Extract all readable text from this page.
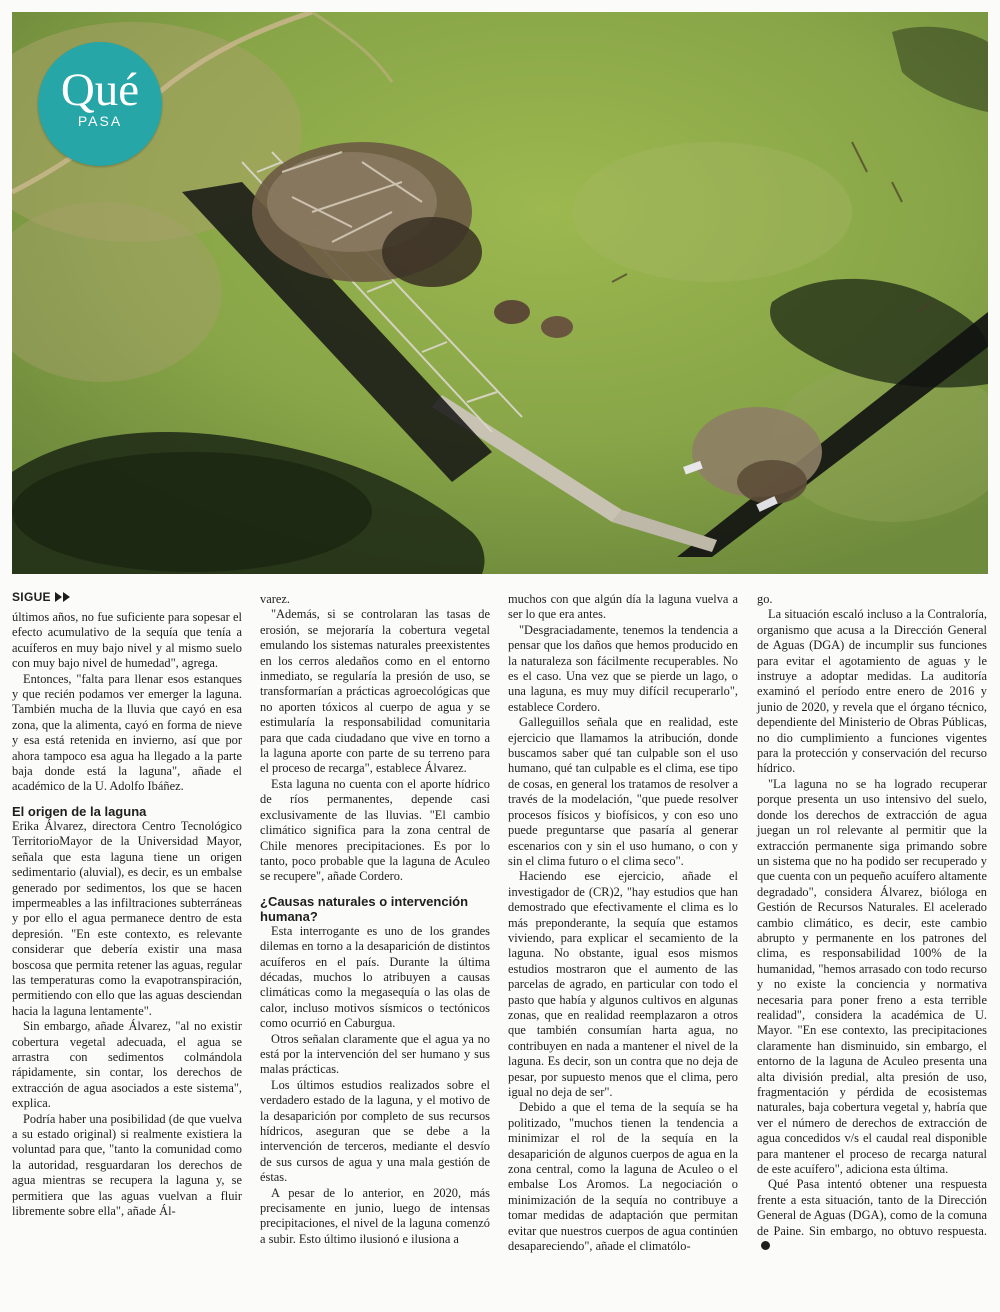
Qué
PASA
SIGUE

últimos años, no fue suficiente para sopesar el efecto acumulativo de la sequía que tenía a acuíferos en muy bajo nivel y al mismo suelo con muy bajo nivel de humedad", agrega.

Entonces, "falta para llenar esos estanques y que recién podamos ver emerger la laguna. También mucha de la lluvia que cayó en esa zona, que la alimenta, cayó en forma de nieve y esa está retenida en invierno, así que por ahora tampoco esa agua ha llegado a la parte baja donde está la laguna", añade el académico de la U. Adolfo Ibáñez.

El origen de la laguna

Erika Álvarez, directora Centro Tecnológico TerritorioMayor de la Universidad Mayor, señala que esta laguna tiene un origen sedimentario (aluvial), es decir, es un embalse generado por sedimentos, los que se hacen impermeables a las infiltraciones subterráneas y por ello el agua permanece dentro de esta depresión. "En este contexto, es relevante considerar que debería existir una masa boscosa que permita retener las aguas, regular las temperaturas como la evapotranspiración, permitiendo con ello que las aguas desciendan hacia la laguna lentamente".

Sin embargo, añade Álvarez, "al no existir cobertura vegetal adecuada, el agua se arrastra con sedimentos colmándola rápidamente, sin contar, los derechos de extracción de agua asociados a este sistema", explica.

Podría haber una posibilidad (de que vuelva a su estado original) si realmente existiera la voluntad para que, "tanto la comunidad como la autoridad, resguardaran los derechos de agua mientras se recupera la laguna y, se permitiera que las aguas vuelvan a fluir libremente sobre ella", añade Ál-

varez.

"Además, si se controlaran las tasas de erosión, se mejoraría la cobertura vegetal emulando los sistemas naturales preexistentes en los cerros aledaños como en el entorno inmediato, se regularía la presión de uso, se transformarían a prácticas agroecológicas que no aporten tóxicos al cuerpo de agua y se estimularía la responsabilidad comunitaria para que cada ciudadano que vive en torno a la laguna aporte con parte de su terreno para el proceso de recarga", establece Álvarez.

Esta laguna no cuenta con el aporte hídrico de ríos permanentes, depende casi exclusivamente de las lluvias. "El cambio climático significa para la zona central de Chile menores precipitaciones. Es por lo tanto, poco probable que la laguna de Aculeo se recupere", añade Cordero.

¿Causas naturales o intervención humana?

Esta interrogante es uno de los grandes dilemas en torno a la desaparición de distintos acuíferos en el país. Durante la última décadas, muchos lo atribuyen a causas climáticas como la megasequía o las olas de calor, incluso motivos sísmicos o tectónicos como ocurrió en Caburgua.

Otros señalan claramente que el agua ya no está por la intervención del ser humano y sus malas prácticas.

Los últimos estudios realizados sobre el verdadero estado de la laguna, y el motivo de la desaparición por completo de sus recursos hídricos, aseguran que se debe a la intervención de terceros, mediante el desvío de sus cursos de agua y una mala gestión de éstas.

A pesar de lo anterior, en 2020, más precisamente en junio, luego de intensas precipitaciones, el nivel de la laguna comenzó a subir. Esto último ilusionó e ilusiona a

muchos con que algún día la laguna vuelva a ser lo que era antes.

"Desgraciadamente, tenemos la tendencia a pensar que los daños que hemos producido en la naturaleza son fácilmente recuperables. No es el caso. Una vez que se pierde un lago, o una laguna, es muy muy difícil recuperarlo", establece Cordero.

Galleguillos señala que en realidad, este ejercicio que llamamos la atribución, donde buscamos saber qué tan culpable son el uso humano, qué tan culpable es el clima, ese tipo de cosas, en general los tratamos de resolver a través de la modelación, "que puede resolver procesos físicos y biofísicos, y con eso uno puede preguntarse que pasaría al generar escenarios con y sin el uso humano, o con y sin el clima futuro o el clima seco".

Haciendo ese ejercicio, añade el investigador de (CR)2, "hay estudios que han demostrado que efectivamente el clima es lo más preponderante, la sequía que estamos viviendo, para explicar el secamiento de la laguna. No obstante, igual esos mismos estudios mostraron que el aumento de las parcelas de agrado, en particular con todo el pasto que había y algunos cultivos en algunas zonas, que en realidad reemplazaron a otros que también consumían harta agua, no contribuyen en nada a mantener el nivel de la laguna. Es decir, son un contra que no deja de pesar, por supuesto menos que el clima, pero igual no deja de ser".

Debido a que el tema de la sequía se ha politizado, "muchos tienen la tendencia a minimizar el rol de la sequía en la desaparición de algunos cuerpos de agua en la zona central, como la laguna de Aculeo o el embalse Los Aromos. La negociación o minimización de la sequía no contribuye a tomar medidas de adaptación que permitan evitar que nuestros cuerpos de agua continúen desapareciendo", añade el climatólo-

go.

La situación escaló incluso a la Contraloría, organismo que acusa a la Dirección General de Aguas (DGA) de incumplir sus funciones para evitar el agotamiento de aguas y le instruye a adoptar medidas. La auditoría examinó el período entre enero de 2016 y junio de 2020, y revela que el órgano técnico, dependiente del Ministerio de Obras Públicas, no dio cumplimiento a funciones vigentes para la protección y conservación del recurso hídrico.

"La laguna no se ha logrado recuperar porque presenta un uso intensivo del suelo, donde los derechos de extracción de agua juegan un rol relevante al permitir que la extracción permanente siga primando sobre un sistema que no ha podido ser recuperado y que cuenta con un pequeño acuífero altamente degradado", considera Álvarez, bióloga en Gestión de Recursos Naturales. El acelerado cambio climático, es decir, este cambio abrupto y permanente en los patrones del clima, es responsabilidad 100% de la humanidad, "hemos arrasado con todo recurso y no existe la conciencia y normativa necesaria para poner freno a esta terrible realidad", considera la académica de U. Mayor. "En ese contexto, las precipitaciones claramente han disminuido, sin embargo, el entorno de la laguna de Aculeo presenta una alta división predial, alta presión de uso, fragmentación y pérdida de ecosistemas naturales, baja cobertura vegetal y, habría que ver el número de derechos de extracción de agua concedidos v/s el caudal real disponible para mantener el proceso de recarga natural de este acuífero", adiciona esta última.

Qué Pasa intentó obtener una respuesta frente a esta situación, tanto de la Dirección General de Aguas (DGA), como de la comuna de Paine. Sin embargo, no obtuvo respuesta.
